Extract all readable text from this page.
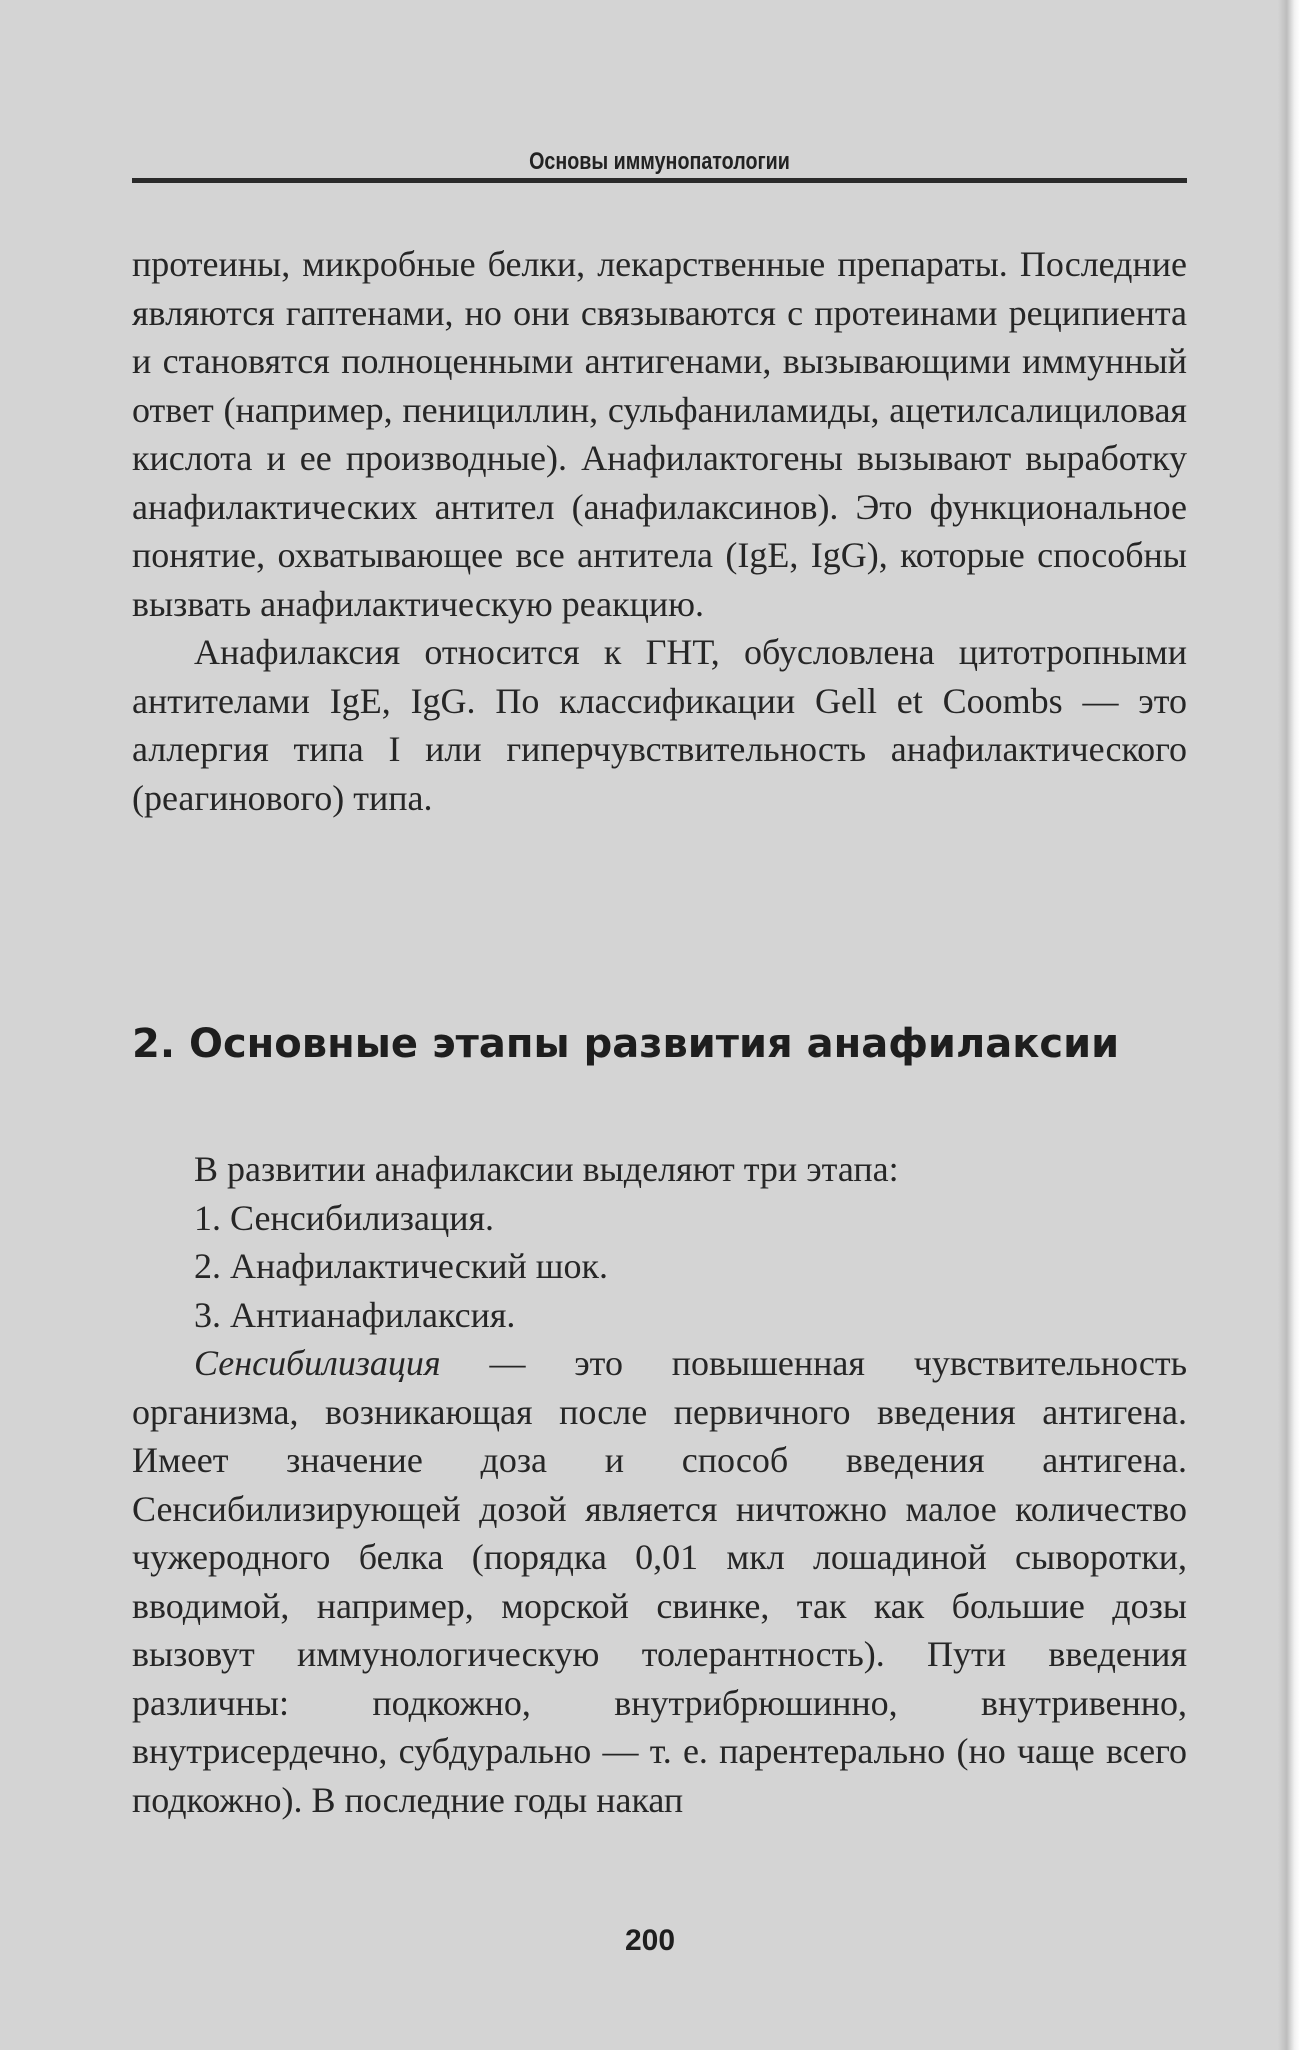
Основы иммунопатологии

протеины, микробные белки, лекарственные препараты. Последние являются гаптенами, но они связываются с протеинами реципиента и становятся полноценными антигенами, вызывающими иммунный ответ (например, пенициллин, сульфаниламиды, ацетилсалициловая кислота и ее производные). Анафилактогены вызывают выработку анафилактических антител (анафилаксинов). Это функциональное понятие, охватывающее все антитела (IgE, IgG), которые способны вызвать анафилактическую реакцию.

Анафилаксия относится к ГНТ, обусловлена цитотропными антителами IgE, IgG. По классификации Gell et Coombs — это аллергия типа I или гиперчувствительность анафилактического (реагинового) типа.

2. Основные этапы развития анафилаксии

В развитии анафилаксии выделяют три этапа:

1. Сенсибилизация.
2. Анафилактический шок.
3. Антианафилаксия.

Сенсибилизация — это повышенная чувствительность организма, возникающая после первичного введения антигена. Имеет значение доза и способ введения антигена. Сенсибилизирующей дозой является ничтожно малое количество чужеродного белка (порядка 0,01 мкл лошадиной сыворотки, вводимой, например, морской свинке, так как большие дозы вызовут иммунологическую толерантность). Пути введения различны: подкожно, внутрибрюшинно, внутривенно, внутрисердечно, субдурально — т. е. парентерально (но чаще всего подкожно). В последние годы накап

200
